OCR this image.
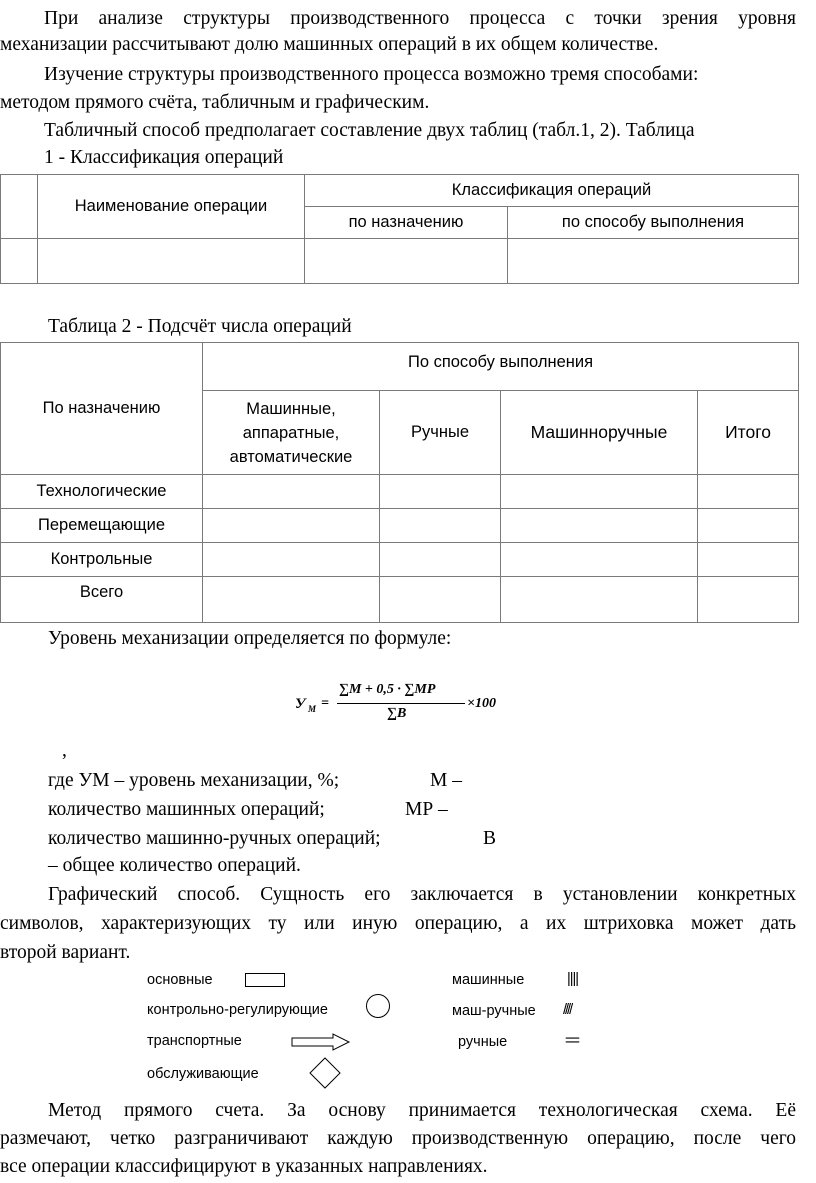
При анализе структуры производственного процесса с точки зрения уровня
механизации рассчитывают долю машинных операций в их общем количестве.
Изучение структуры производственного процесса возможно тремя способами:
методом прямого счёта, табличным и графическим.
Табличный способ предполагает составление двух таблиц (табл.1, 2). Таблица
1 - Классификация операций
	Наименование операции	Классификация операций	
		по назначению	по способу выполнения

Таблица 2 - Подсчёт числа операций
По назначению	По способу выполнения			
	Машинные, аппаратные, автоматические	Ручные	Машинноручные	Итого
Технологические				
Перемещающие				
Контрольные				
Всего				
Уровень механизации определяется по формуле:
У М =
∑М + 0,5 · ∑МР
∑В
×100
,
где УМ – уровень механизации, %;	М –
количество машинных операций;	МР –
количество машинно-ручных операций;	В
– общее количество операций.
Графический способ. Сущность его заключается в установлении конкретных
символов, характеризующих ту или иную операцию, а их штриховка может дать
второй вариант.
основные
контрольно-регулирующие
транспортные
обслуживающие
машинные	||||
маш-ручные ////
ручные	==
Метод прямого счета. За основу принимается технологическая схема. Её
размечают, четко разграничивают каждую производственную операцию, после чего
все операции классифицируют в указанных направлениях.
